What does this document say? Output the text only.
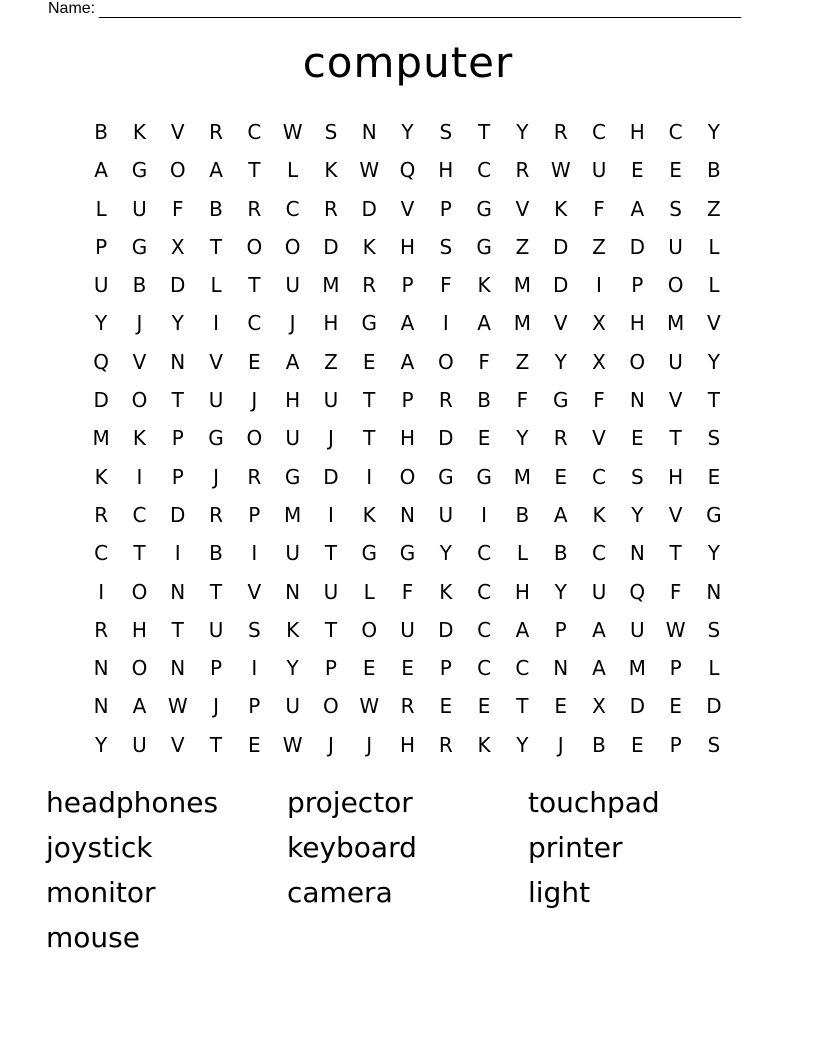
Name:
computer
B	K	V	R	C	W	S	N	Y	S	T	Y	R	C	H	C	Y
A	G	O	A	T	L	K	W	Q	H	C	R	W	U	E	E	B
L	U	F	B	R	C	R	D	V	P	G	V	K	F	A	S	Z
P	G	X	T	O	O	D	K	H	S	G	Z	D	Z	D	U	L
U	B	D	L	T	U	M	R	P	F	K	M	D	I	P	O	L
Y	J	Y	I	C	J	H	G	A	I	A	M	V	X	H	M	V
Q	V	N	V	E	A	Z	E	A	O	F	Z	Y	X	O	U	Y
D	O	T	U	J	H	U	T	P	R	B	F	G	F	N	V	T
M	K	P	G	O	U	J	T	H	D	E	Y	R	V	E	T	S
K	I	P	J	R	G	D	I	O	G	G	M	E	C	S	H	E
R	C	D	R	P	M	I	K	N	U	I	B	A	K	Y	V	G
C	T	I	B	I	U	T	G	G	Y	C	L	B	C	N	T	Y
I	O	N	T	V	N	U	L	F	K	C	H	Y	U	Q	F	N
R	H	T	U	S	K	T	O	U	D	C	A	P	A	U	W	S
N	O	N	P	I	Y	P	E	E	P	C	C	N	A	M	P	L
N	A	W	J	P	U	O	W	R	E	E	T	E	X	D	E	D
Y	U	V	T	E	W	J	J	H	R	K	Y	J	B	E	P	S
headphones	projector	touchpad
joystick	keyboard	printer
monitor	camera	light
mouse
